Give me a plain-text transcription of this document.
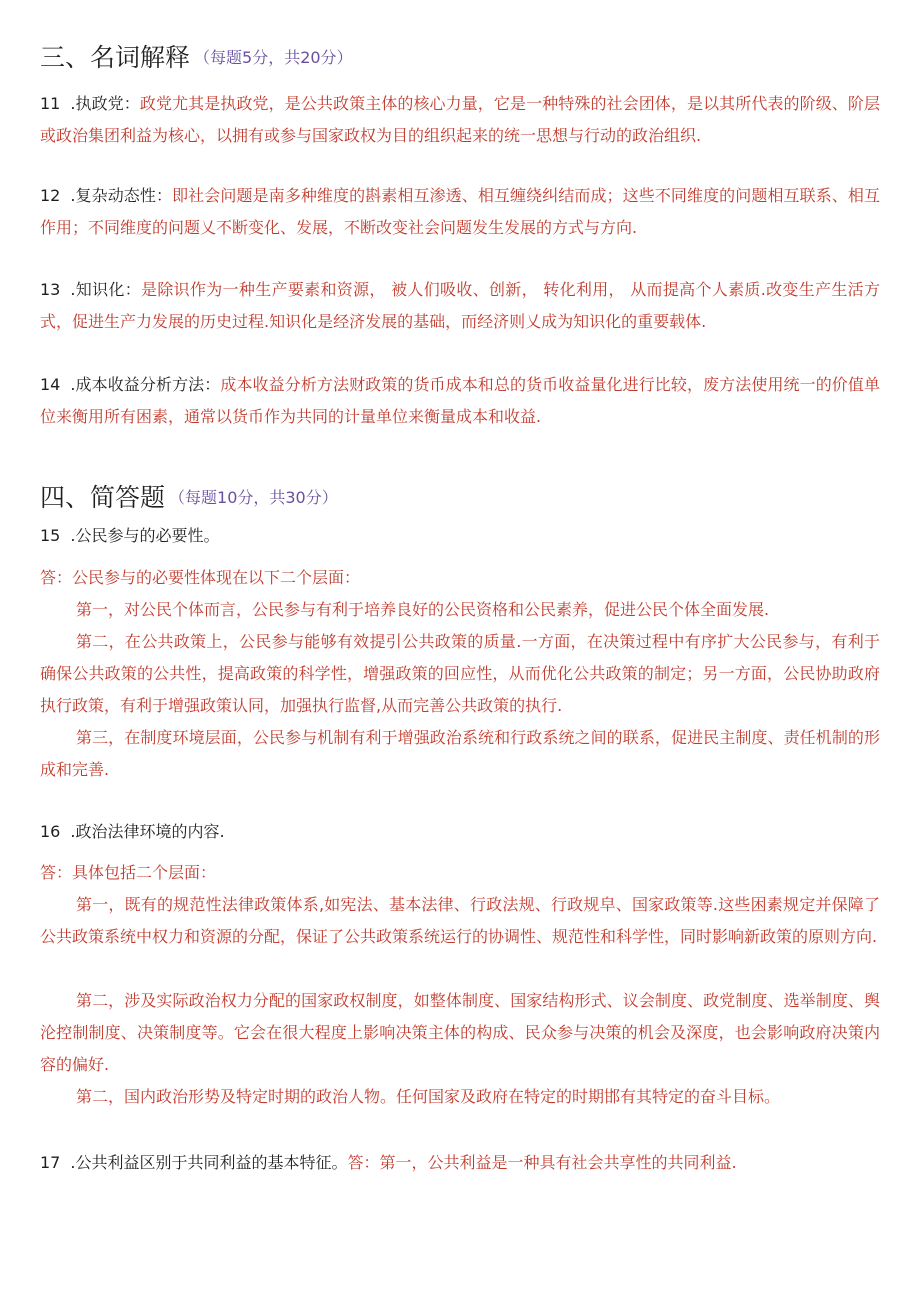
三、名词解释 （每题5分，共20分）
11 .执政党：政党尤其是执政党，是公共政策主体的核心力量，它是一种特殊的社会团体，是以其所代表的阶级、阶层或政治集团利益为核心，以拥有或参与国家政权为目的组织起来的统一思想与行动的政治组织.
12 .复杂动态性：即社会问题是南多种维度的斟素相互渗透、相互缠绕纠结而成；这些不同维度的问题相互联系、相互作用；不同维度的问题乂不断变化、发展，不断改变社会问题发生发展的方式与方向.
13 .知识化：是除识作为一种生产要素和资源， 被人们吸收、创新， 转化利用， 从而提高个人素质.改变生产生活方式，促进生产力发展的历史过程.知识化是经济发展的基础，而经济则乂成为知识化的重要载体.
14 .成本收益分析方法：成本收益分析方法财政策的货币成本和总的货币收益量化进行比较，废方法使用统一的价值单位来衡用所有困素，通常以货币作为共同的计量单位来衡量成本和收益.
四、简答题 （每题10分，共30分）
15 .公民参与的必要性。
答：公民参与的必要性体现在以下二个层面：
第一，对公民个体而言，公民参与有利于培养良好的公民资格和公民素养，促进公民个体全面发展.
第二，在公共政策上，公民参与能够有效提引公共政策的质量.一方面，在决策过程中有序扩大公民参与，有利于确保公共政策的公共性，提高政策的科学性，增强政策的回应性，从而优化公共政策的制定；另一方面，公民协助政府执行政策，有利于增强政策认同，加强执行监督,从而完善公共政策的执行.
第三，在制度环境层面，公民参与机制有利于增强政治系统和行政系统之间的联系，促进民主制度、责任机制的形成和完善.
16 .政治法律环境的内容.
答：具体包括二个层面：
第一，既有的规范性法律政策体系,如宪法、基本法律、行政法规、行政规皁、国家政策等.这些困素规定并保障了公共政策系统中权力和资源的分配，保证了公共政策系统运行的协调性、规范性和科学性，同时影响新政策的原则方向.
第二，涉及实际政治权力分配的国家政权制度，如整体制度、国家结构形式、议会制度、政党制度、选举制度、舆沦控制制度、决策制度等。它会在很大程度上影响决策主体的构成、民众参与决策的机会及深度，也会影响政府决策内容的偏好.
第二，国内政治形势及特定时期的政治人物。任何国家及政府在特定的时期邯有其特定的奋斗目标。
17 .公共利益区别于共同利益的基本特征。答：第一，公共利益是一种具有社会共享性的共同利益.
